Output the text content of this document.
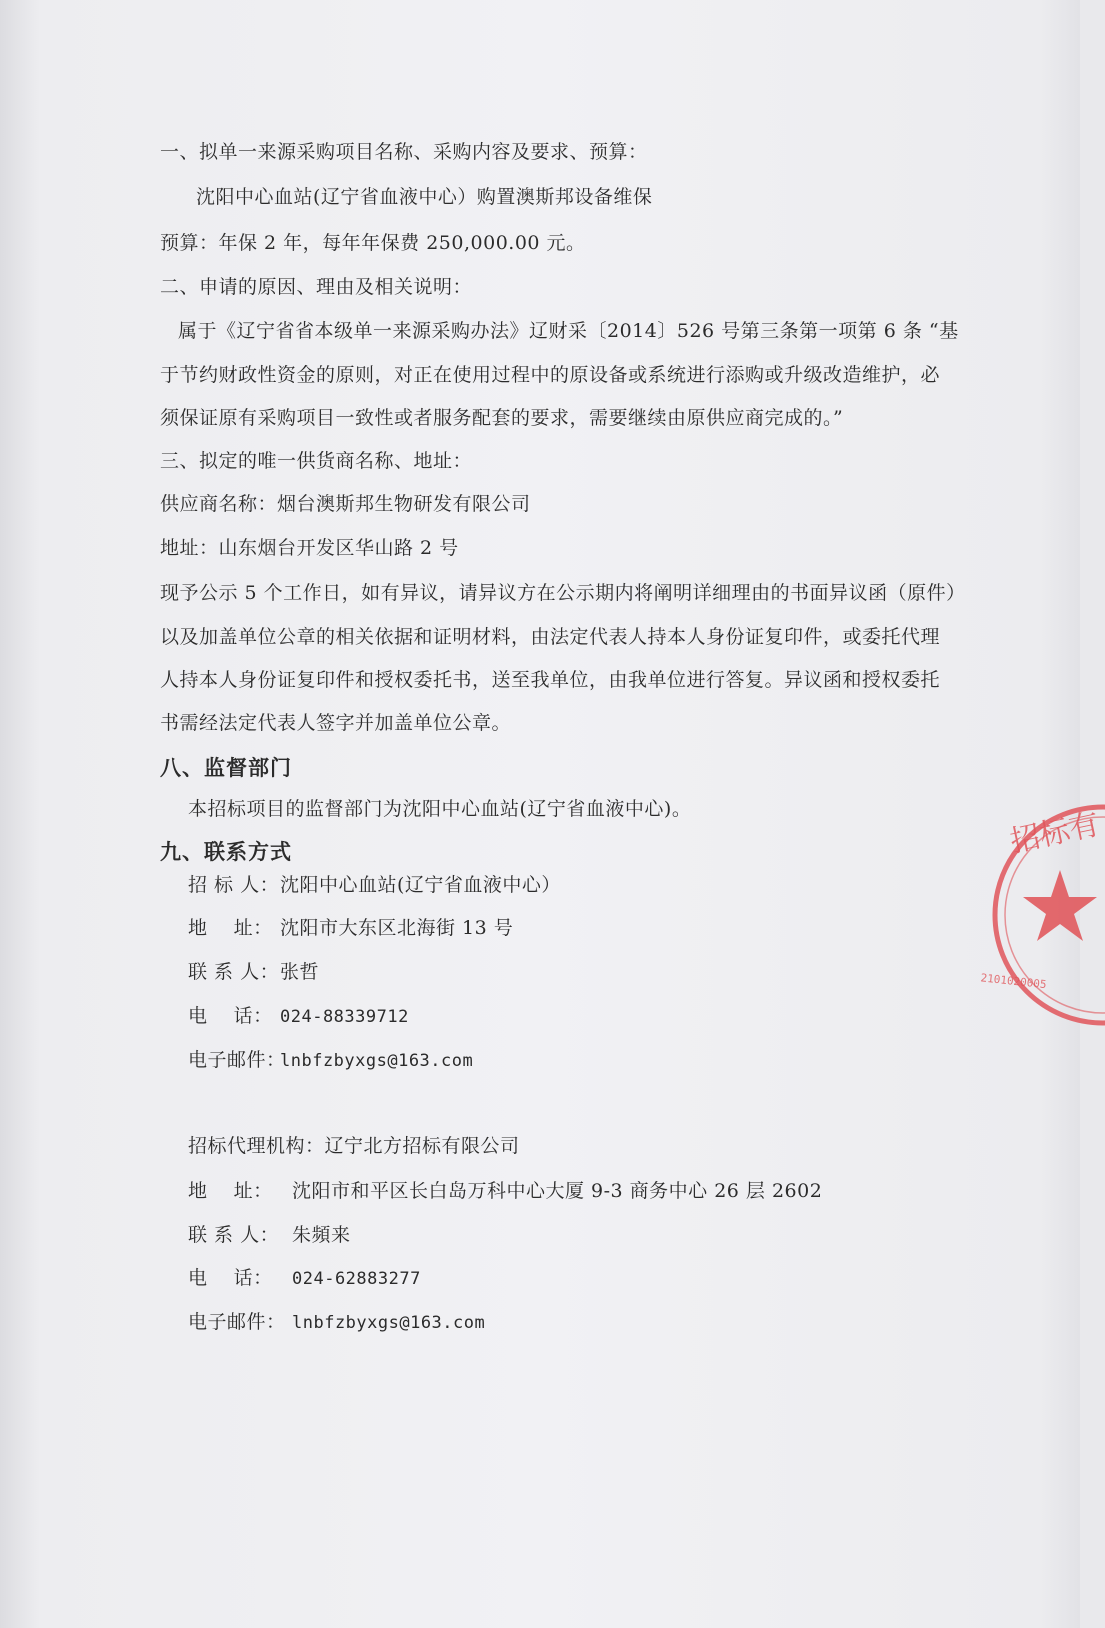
一、拟单一来源采购项目名称、采购内容及要求、预算：
沈阳中心血站(辽宁省血液中心）购置澳斯邦设备维保
预算：年保 2 年，每年年保费 250,000.00 元。
二、申请的原因、理由及相关说明：
属于《辽宁省省本级单一来源采购办法》辽财采〔2014〕526 号第三条第一项第 6 条 “基
于节约财政性资金的原则，对正在使用过程中的原设备或系统进行添购或升级改造维护，必
须保证原有采购项目一致性或者服务配套的要求，需要继续由原供应商完成的。”
三、拟定的唯一供货商名称、地址：
供应商名称：烟台澳斯邦生物研发有限公司
地址：山东烟台开发区华山路 2 号
现予公示 5 个工作日，如有异议，请异议方在公示期内将阐明详细理由的书面异议函（原件）
以及加盖单位公章的相关依据和证明材料，由法定代表人持本人身份证复印件，或委托代理
人持本人身份证复印件和授权委托书，送至我单位，由我单位进行答复。异议函和授权委托
书需经法定代表人签字并加盖单位公章。
八、监督部门
本招标项目的监督部门为沈阳中心血站(辽宁省血液中心)。
九、联系方式
招 标 人：沈阳中心血站(辽宁省血液中心）
地    址： 沈阳市大东区北海街 13 号
联 系 人：张哲
电    话： 024-88339712
电子邮件：lnbfzbyxgs@163.com
招标代理机构：辽宁北方招标有限公司
地    址： 沈阳市和平区长白岛万科中心大厦 9-3 商务中心 26 层 2602
联 系 人： 朱頻来
电    话： 024-62883277
电子邮件： lnbfzbyxgs@163.com
招标有
2101020005
